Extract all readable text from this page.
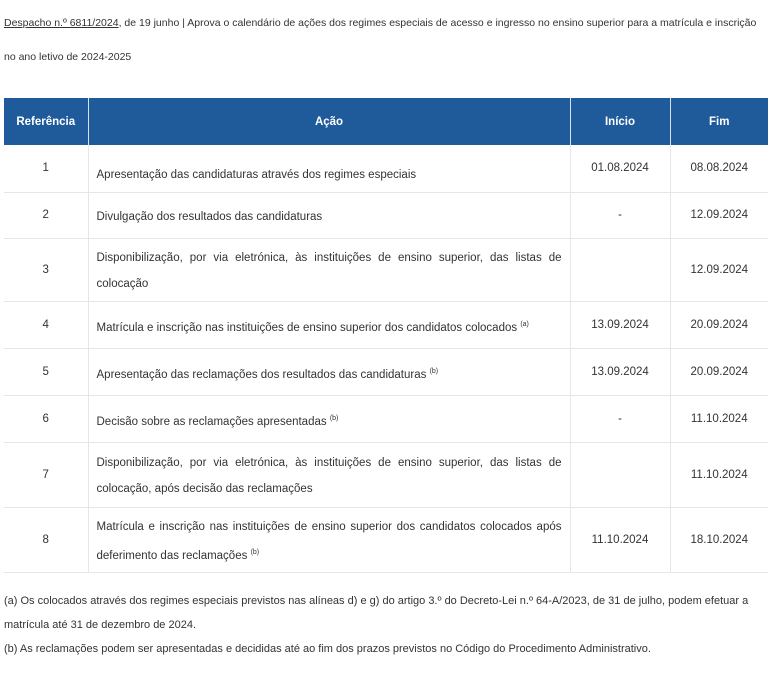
Despacho n.º 6811/2024, de 19 junho | Aprova o calendário de ações dos regimes especiais de acesso e ingresso no ensino superior para a matrícula e inscrição no ano letivo de 2024-2025
Referência	Ação	Início	Fim
1	Apresentação das candidaturas através dos regimes especiais	01.08.2024	08.08.2024
2	Divulgação dos resultados das candidaturas	-	12.09.2024
3	Disponibilização, por via eletrónica, às instituições de ensino superior, das listas de colocação		12.09.2024
4	Matrícula e inscrição nas instituições de ensino superior dos candidatos colocados $^{(a)}$	13.09.2024	20.09.2024
5	Apresentação das reclamações dos resultados das candidaturas $^{(b)}$	13.09.2024	20.09.2024
6	Decisão sobre as reclamações apresentadas $^{(b)}$	-	11.10.2024
7	Disponibilização, por via eletrónica, às instituições de ensino superior, das listas de colocação, após decisão das reclamações		11.10.2024
8	Matrícula e inscrição nas instituições de ensino superior dos candidatos colocados após deferimento das reclamações $^{(b)}$	11.10.2024	18.10.2024

(a) Os colocados através dos regimes especiais previstos nas alíneas d) e g) do artigo 3.º do Decreto-Lei n.º 64-A/2023, de 31 de julho, podem efetuar a matrícula até 31 de dezembro de 2024.

(b) As reclamações podem ser apresentadas e decididas até ao fim dos prazos previstos no Código do Procedimento Administrativo.
